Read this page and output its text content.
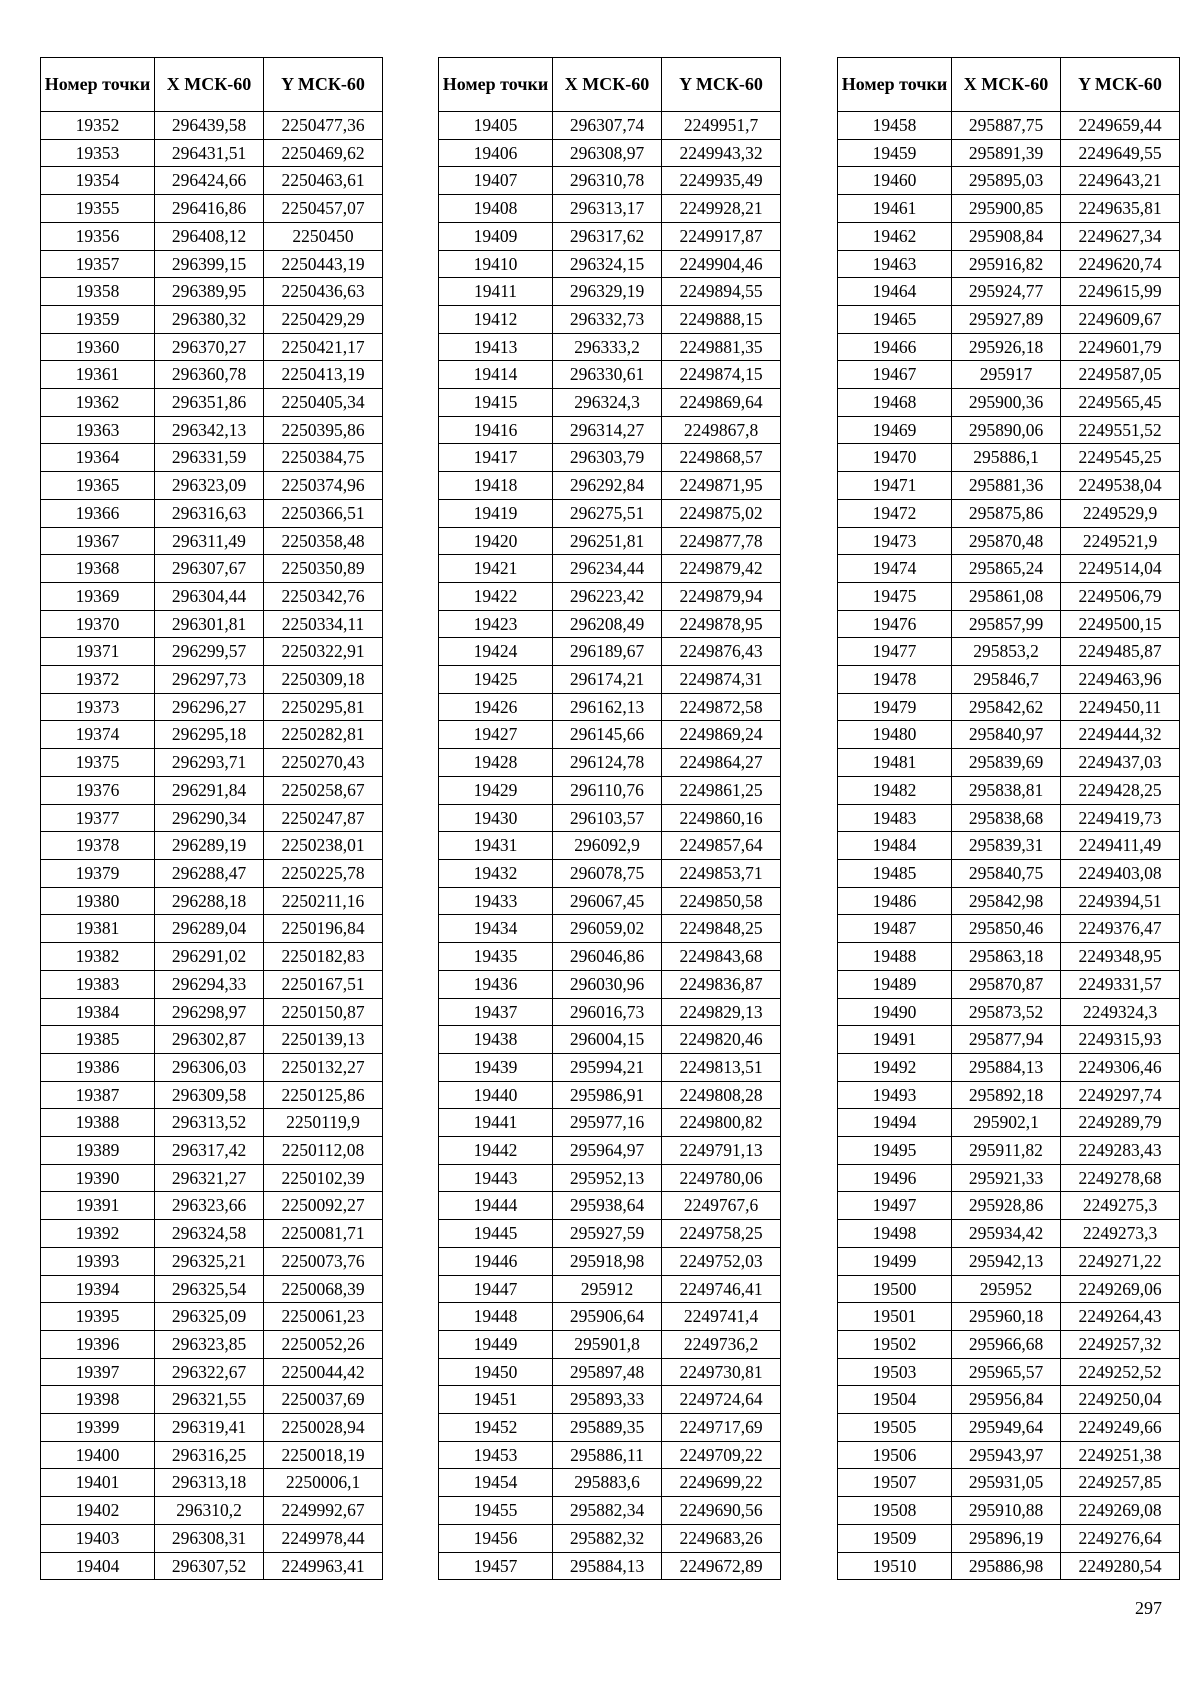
Номер точки	X МСК-60	Y МСК-60
19352	296439,58	2250477,36
19353	296431,51	2250469,62
19354	296424,66	2250463,61
19355	296416,86	2250457,07
19356	296408,12	2250450
19357	296399,15	2250443,19
19358	296389,95	2250436,63
19359	296380,32	2250429,29
19360	296370,27	2250421,17
19361	296360,78	2250413,19
19362	296351,86	2250405,34
19363	296342,13	2250395,86
19364	296331,59	2250384,75
19365	296323,09	2250374,96
19366	296316,63	2250366,51
19367	296311,49	2250358,48
19368	296307,67	2250350,89
19369	296304,44	2250342,76
19370	296301,81	2250334,11
19371	296299,57	2250322,91
19372	296297,73	2250309,18
19373	296296,27	2250295,81
19374	296295,18	2250282,81
19375	296293,71	2250270,43
19376	296291,84	2250258,67
19377	296290,34	2250247,87
19378	296289,19	2250238,01
19379	296288,47	2250225,78
19380	296288,18	2250211,16
19381	296289,04	2250196,84
19382	296291,02	2250182,83
19383	296294,33	2250167,51
19384	296298,97	2250150,87
19385	296302,87	2250139,13
19386	296306,03	2250132,27
19387	296309,58	2250125,86
19388	296313,52	2250119,9
19389	296317,42	2250112,08
19390	296321,27	2250102,39
19391	296323,66	2250092,27
19392	296324,58	2250081,71
19393	296325,21	2250073,76
19394	296325,54	2250068,39
19395	296325,09	2250061,23
19396	296323,85	2250052,26
19397	296322,67	2250044,42
19398	296321,55	2250037,69
19399	296319,41	2250028,94
19400	296316,25	2250018,19
19401	296313,18	2250006,1
19402	296310,2	2249992,67
19403	296308,31	2249978,44
19404	296307,52	2249963,41
Номер точки	X МСК-60	Y МСК-60
19405	296307,74	2249951,7
19406	296308,97	2249943,32
19407	296310,78	2249935,49
19408	296313,17	2249928,21
19409	296317,62	2249917,87
19410	296324,15	2249904,46
19411	296329,19	2249894,55
19412	296332,73	2249888,15
19413	296333,2	2249881,35
19414	296330,61	2249874,15
19415	296324,3	2249869,64
19416	296314,27	2249867,8
19417	296303,79	2249868,57
19418	296292,84	2249871,95
19419	296275,51	2249875,02
19420	296251,81	2249877,78
19421	296234,44	2249879,42
19422	296223,42	2249879,94
19423	296208,49	2249878,95
19424	296189,67	2249876,43
19425	296174,21	2249874,31
19426	296162,13	2249872,58
19427	296145,66	2249869,24
19428	296124,78	2249864,27
19429	296110,76	2249861,25
19430	296103,57	2249860,16
19431	296092,9	2249857,64
19432	296078,75	2249853,71
19433	296067,45	2249850,58
19434	296059,02	2249848,25
19435	296046,86	2249843,68
19436	296030,96	2249836,87
19437	296016,73	2249829,13
19438	296004,15	2249820,46
19439	295994,21	2249813,51
19440	295986,91	2249808,28
19441	295977,16	2249800,82
19442	295964,97	2249791,13
19443	295952,13	2249780,06
19444	295938,64	2249767,6
19445	295927,59	2249758,25
19446	295918,98	2249752,03
19447	295912	2249746,41
19448	295906,64	2249741,4
19449	295901,8	2249736,2
19450	295897,48	2249730,81
19451	295893,33	2249724,64
19452	295889,35	2249717,69
19453	295886,11	2249709,22
19454	295883,6	2249699,22
19455	295882,34	2249690,56
19456	295882,32	2249683,26
19457	295884,13	2249672,89
Номер точки	X МСК-60	Y МСК-60
19458	295887,75	2249659,44
19459	295891,39	2249649,55
19460	295895,03	2249643,21
19461	295900,85	2249635,81
19462	295908,84	2249627,34
19463	295916,82	2249620,74
19464	295924,77	2249615,99
19465	295927,89	2249609,67
19466	295926,18	2249601,79
19467	295917	2249587,05
19468	295900,36	2249565,45
19469	295890,06	2249551,52
19470	295886,1	2249545,25
19471	295881,36	2249538,04
19472	295875,86	2249529,9
19473	295870,48	2249521,9
19474	295865,24	2249514,04
19475	295861,08	2249506,79
19476	295857,99	2249500,15
19477	295853,2	2249485,87
19478	295846,7	2249463,96
19479	295842,62	2249450,11
19480	295840,97	2249444,32
19481	295839,69	2249437,03
19482	295838,81	2249428,25
19483	295838,68	2249419,73
19484	295839,31	2249411,49
19485	295840,75	2249403,08
19486	295842,98	2249394,51
19487	295850,46	2249376,47
19488	295863,18	2249348,95
19489	295870,87	2249331,57
19490	295873,52	2249324,3
19491	295877,94	2249315,93
19492	295884,13	2249306,46
19493	295892,18	2249297,74
19494	295902,1	2249289,79
19495	295911,82	2249283,43
19496	295921,33	2249278,68
19497	295928,86	2249275,3
19498	295934,42	2249273,3
19499	295942,13	2249271,22
19500	295952	2249269,06
19501	295960,18	2249264,43
19502	295966,68	2249257,32
19503	295965,57	2249252,52
19504	295956,84	2249250,04
19505	295949,64	2249249,66
19506	295943,97	2249251,38
19507	295931,05	2249257,85
19508	295910,88	2249269,08
19509	295896,19	2249276,64
19510	295886,98	2249280,54
297
